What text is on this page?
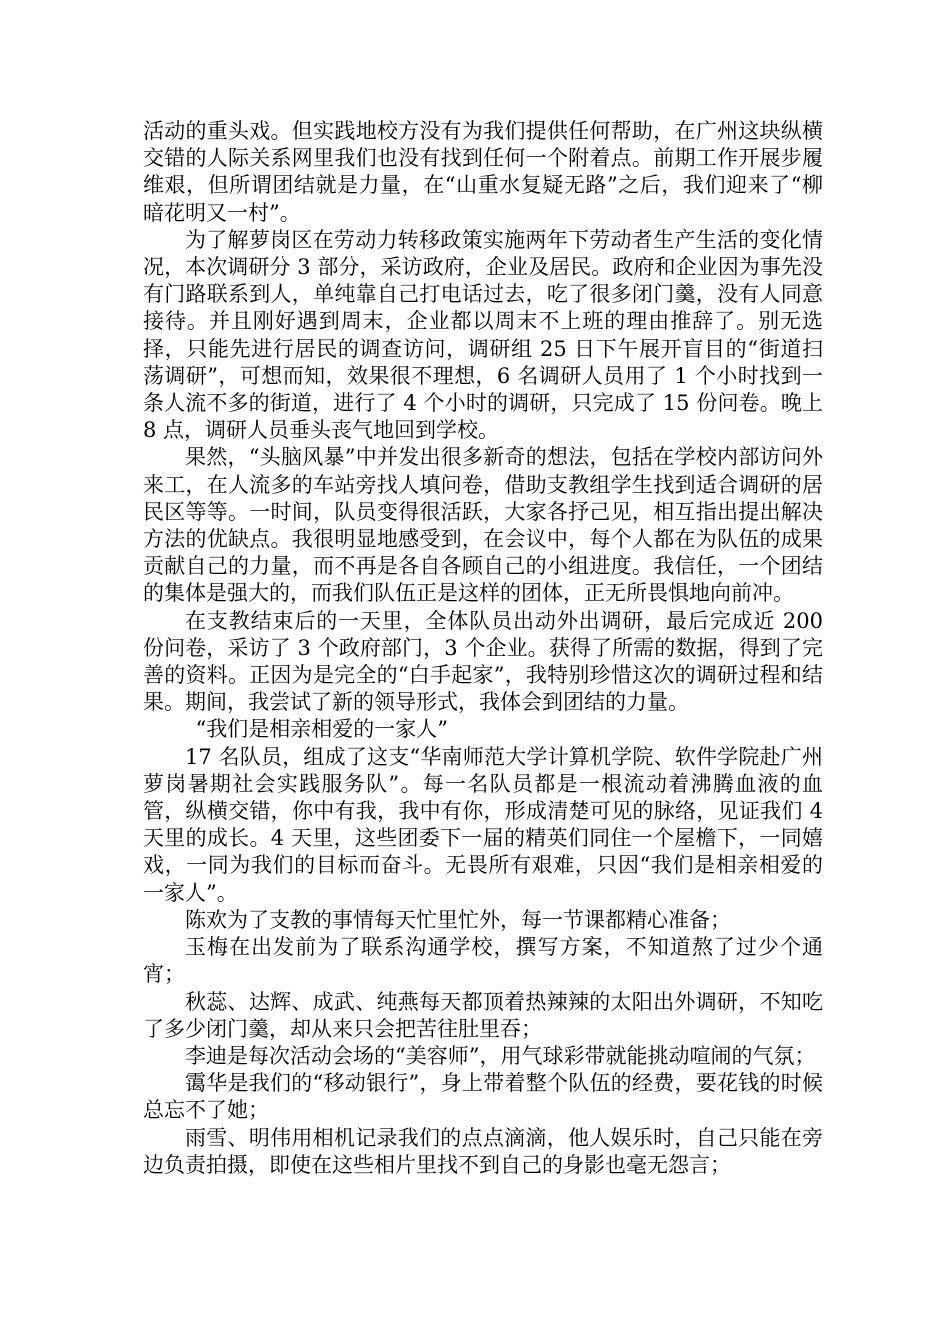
活动的重头戏。但实践地校方没有为我们提供任何帮助，在广州这块纵横交错的人际关系网里我们也没有找到任何一个附着点。前期工作开展步履维艰，但所谓团结就是力量，在“山重水复疑无路”之后，我们迎来了“柳暗花明又一村”。

为了解萝岗区在劳动力转移政策实施两年下劳动者生产生活的变化情况，本次调研分 3 部分，采访政府，企业及居民。政府和企业因为事先没有门路联系到人，单纯靠自己打电话过去，吃了很多闭门羹，没有人同意接待。并且刚好遇到周末，企业都以周末不上班的理由推辞了。别无选择，只能先进行居民的调查访问，调研组 25 日下午展开盲目的“街道扫荡调研”，可想而知，效果很不理想，6 名调研人员用了 1 个小时找到一条人流不多的街道，进行了 4 个小时的调研，只完成了 15 份问卷。晚上 8 点，调研人员垂头丧气地回到学校。

果然，“头脑风暴”中并发出很多新奇的想法，包括在学校内部访问外来工，在人流多的车站旁找人填问卷，借助支教组学生找到适合调研的居民区等等。一时间，队员变得很活跃，大家各抒己见，相互指出提出解决方法的优缺点。我很明显地感受到，在会议中，每个人都在为队伍的成果贡献自己的力量，而不再是各自各顾自己的小组进度。我信任，一个团结的集体是强大的，而我们队伍正是这样的团体，正无所畏惧地向前冲。

在支教结束后的一天里，全体队员出动外出调研，最后完成近 200 份问卷，采访了 3 个政府部门，3 个企业。获得了所需的数据，得到了完善的资料。正因为是完全的“白手起家”，我特别珍惜这次的调研过程和结果。期间，我尝试了新的领导形式，我体会到团结的力量。

“我们是相亲相爱的一家人”

17 名队员，组成了这支“华南师范大学计算机学院、软件学院赴广州萝岗暑期社会实践服务队”。每一名队员都是一根流动着沸腾血液的血管，纵横交错，你中有我，我中有你，形成清楚可见的脉络，见证我们 4 天里的成长。4 天里，这些团委下一届的精英们同住一个屋檐下，一同嬉戏，一同为我们的目标而奋斗。无畏所有艰难，只因“我们是相亲相爱的一家人”。

陈欢为了支教的事情每天忙里忙外，每一节课都精心准备；

玉梅在出发前为了联系沟通学校，撰写方案，不知道熬了过少个通宵；

秋蕊、达辉、成武、纯燕每天都顶着热辣辣的太阳出外调研，不知吃了多少闭门羹，却从来只会把苦往肚里吞；

李迪是每次活动会场的“美容师”，用气球彩带就能挑动喧闹的气氛；

霭华是我们的“移动银行”，身上带着整个队伍的经费，要花钱的时候总忘不了她；

雨雪、明伟用相机记录我们的点点滴滴，他人娱乐时，自己只能在旁边负责拍摄，即使在这些相片里找不到自己的身影也毫无怨言；
